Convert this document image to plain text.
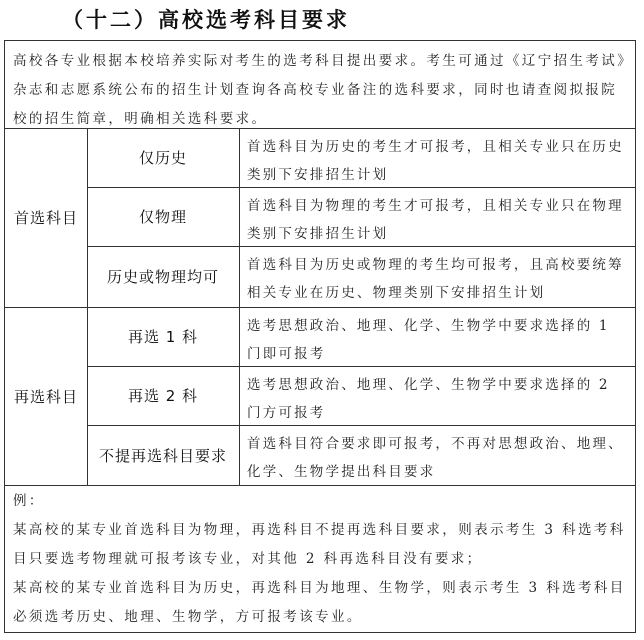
（十二）高校选考科目要求
高校各专业根据本校培养实际对考生的选考科目提出要求。考生可通过《辽宁招生考试》杂志和志愿系统公布的招生计划查询各高校专业备注的选科要求，同时也请查阅拟报院校的招生简章，明确相关选科要求。
首选科目
仅历史
首选科目为历史的考生才可报考，且相关专业只在历史类别下安排招生计划
仅物理
首选科目为物理的考生才可报考，且相关专业只在物理类别下安排招生计划
历史或物理均可
首选科目为历史或物理的考生均可报考，且高校要统筹相关专业在历史、物理类别下安排招生计划
再选科目
再选 1 科
选考思想政治、地理、化学、生物学中要求选择的 1 门即可报考
再选 2 科
选考思想政治、地理、化学、生物学中要求选择的 2 门方可报考
不提再选科目要求
首选科目符合要求即可报考，不再对思想政治、地理、化学、生物学提出科目要求

例：

某高校的某专业首选科目为物理，再选科目不提再选科目要求，则表示考生 3 科选考科目只要选考物理就可报考该专业，对其他 2 科再选科目没有要求；

某高校的某专业首选科目为历史，再选科目为地理、生物学，则表示考生 3 科选考科目必须选考历史、地理、生物学，方可报考该专业。
